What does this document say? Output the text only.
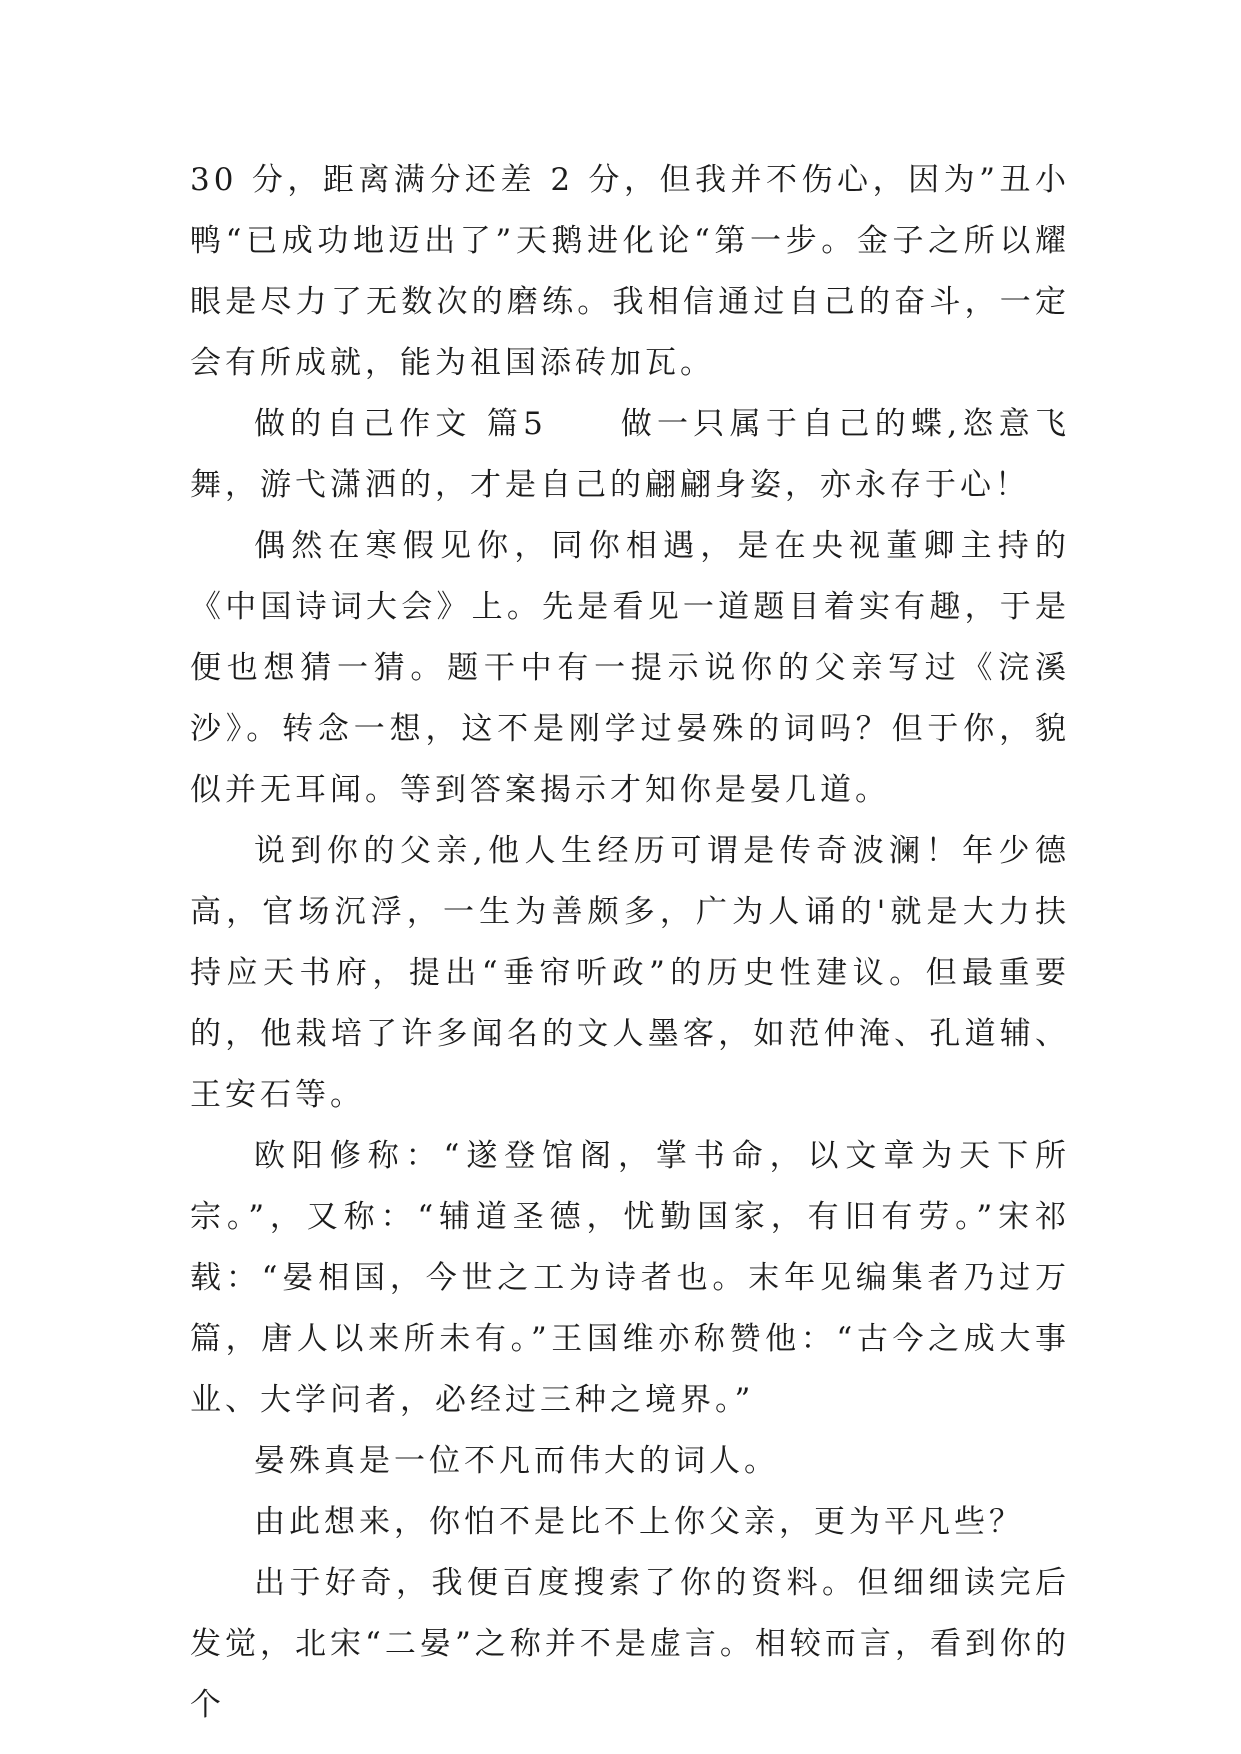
30 分，距离满分还差 2 分，但我并不伤心，因为”丑小鸭“已成功地迈出了”天鹅进化论“第一步。金子之所以耀眼是尽力了无数次的磨练。我相信通过自己的奋斗，一定会有所成就，能为祖国添砖加瓦。

做的自己作文 篇5　　做一只属于自己的蝶,恣意飞舞，游弋潇洒的，才是自己的翩翩身姿，亦永存于心！

偶然在寒假见你，同你相遇，是在央视董卿主持的《中国诗词大会》上。先是看见一道题目着实有趣，于是便也想猜一猜。题干中有一提示说你的父亲写过《浣溪沙》。转念一想，这不是刚学过晏殊的词吗？但于你，貌似并无耳闻。等到答案揭示才知你是晏几道。

说到你的父亲,他人生经历可谓是传奇波澜！年少德高，官场沉浮，一生为善颇多，广为人诵的'就是大力扶持应天书府，提出“垂帘听政”的历史性建议。但最重要的，他栽培了许多闻名的文人墨客，如范仲淹、孔道辅、王安石等。

欧阳修称：“遂登馆阁，掌书命，以文章为天下所宗。”，又称：“辅道圣德，忧勤国家，有旧有劳。”宋祁载：“晏相国，今世之工为诗者也。末年见编集者乃过万篇，唐人以来所未有。”王国维亦称赞他：“古今之成大事业、大学问者，必经过三种之境界。”

晏殊真是一位不凡而伟大的词人。

由此想来，你怕不是比不上你父亲，更为平凡些？

出于好奇，我便百度搜索了你的资料。但细细读完后发觉，北宋“二晏”之称并不是虚言。相较而言，看到你的个
